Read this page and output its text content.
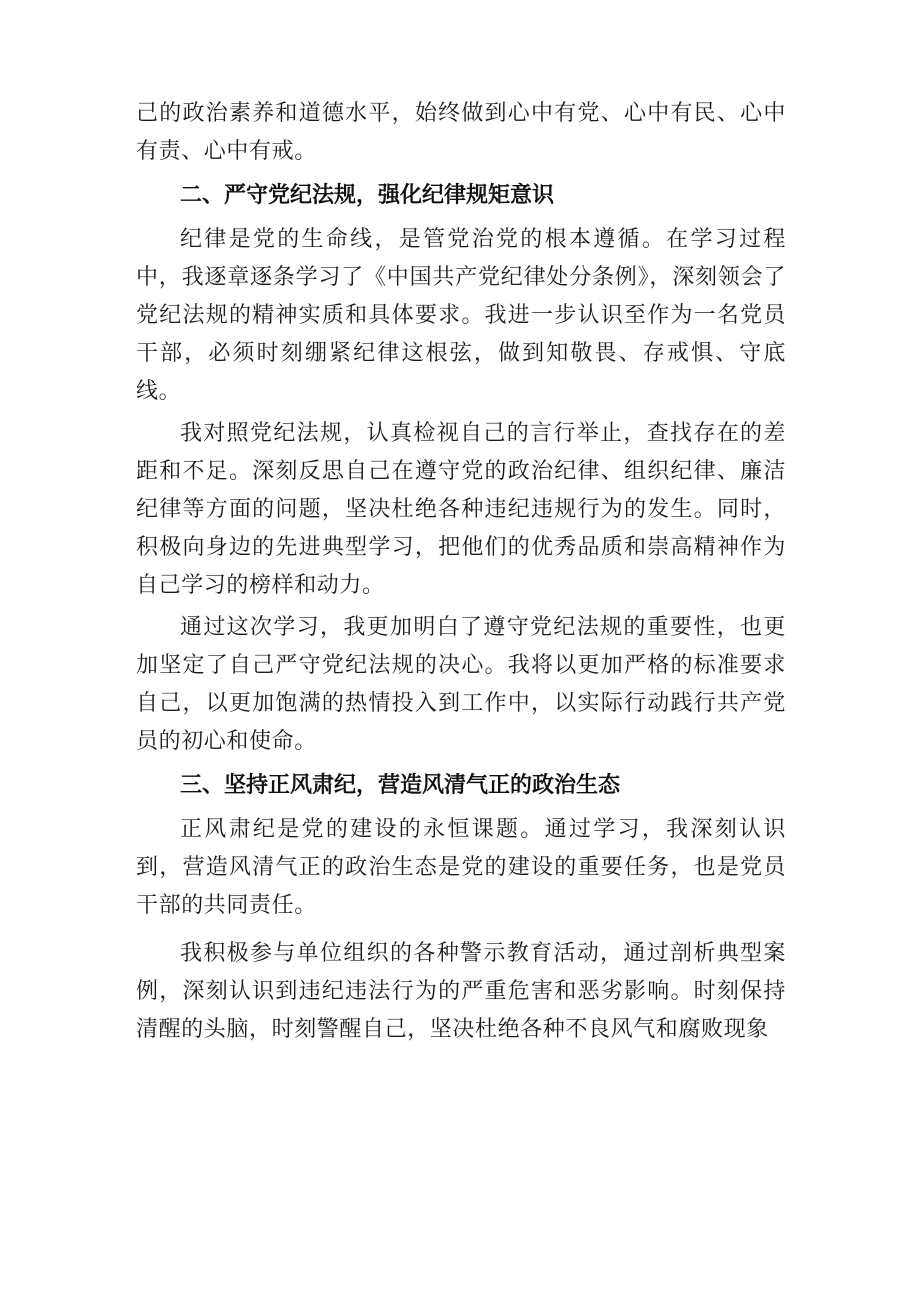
己的政治素养和道德水平，始终做到心中有党、心中有民、心中有责、心中有戒。

二、严守党纪法规，强化纪律规矩意识

纪律是党的生命线，是管党治党的根本遵循。在学习过程中，我逐章逐条学习了《中国共产党纪律处分条例》，深刻领会了党纪法规的精神实质和具体要求。我进一步认识至作为一名党员干部，必须时刻绷紧纪律这根弦，做到知敬畏、存戒惧、守底线。

我对照党纪法规，认真检视自己的言行举止，查找存在的差距和不足。深刻反思自己在遵守党的政治纪律、组织纪律、廉洁纪律等方面的问题，坚决杜绝各种违纪违规行为的发生。同时，积极向身边的先进典型学习，把他们的优秀品质和崇高精神作为自己学习的榜样和动力。

通过这次学习，我更加明白了遵守党纪法规的重要性，也更加坚定了自己严守党纪法规的决心。我将以更加严格的标准要求自己，以更加饱满的热情投入到工作中，以实际行动践行共产党员的初心和使命。

三、坚持正风肃纪，营造风清气正的政治生态

正风肃纪是党的建设的永恒课题。通过学习，我深刻认识到，营造风清气正的政治生态是党的建设的重要任务，也是党员干部的共同责任。

我积极参与单位组织的各种警示教育活动，通过剖析典型案例，深刻认识到违纪违法行为的严重危害和恶劣影响。时刻保持清醒的头脑，时刻警醒自己，坚决杜绝各种不良风气和腐败现象
